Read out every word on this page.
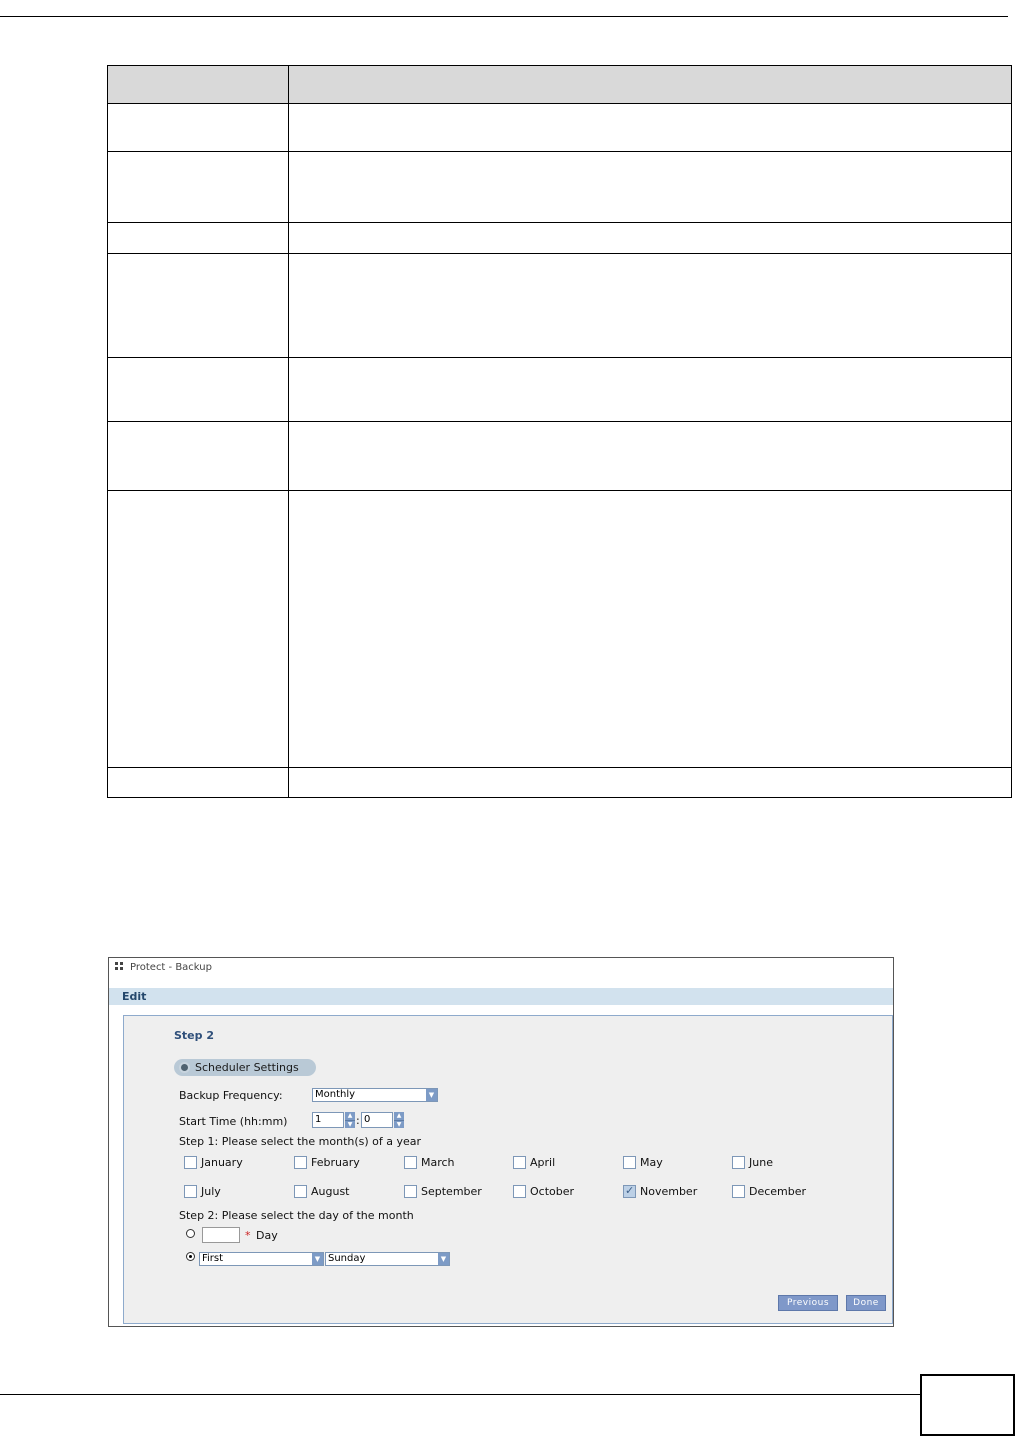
Protect - Backup
Edit
Step 2
Scheduler Settings
Backup Frequency:	Monthly	▼
Start Time (hh:mm)	1	▲
▼ : 0	▲
▼
Step 1: Please select the month(s) of a year
January	February	March	April	May	June
July	August	September	October	✓ November	December
Step 2: Please select the day of the month
* Day
First	▼ Sunday	▼
Previous	Done
